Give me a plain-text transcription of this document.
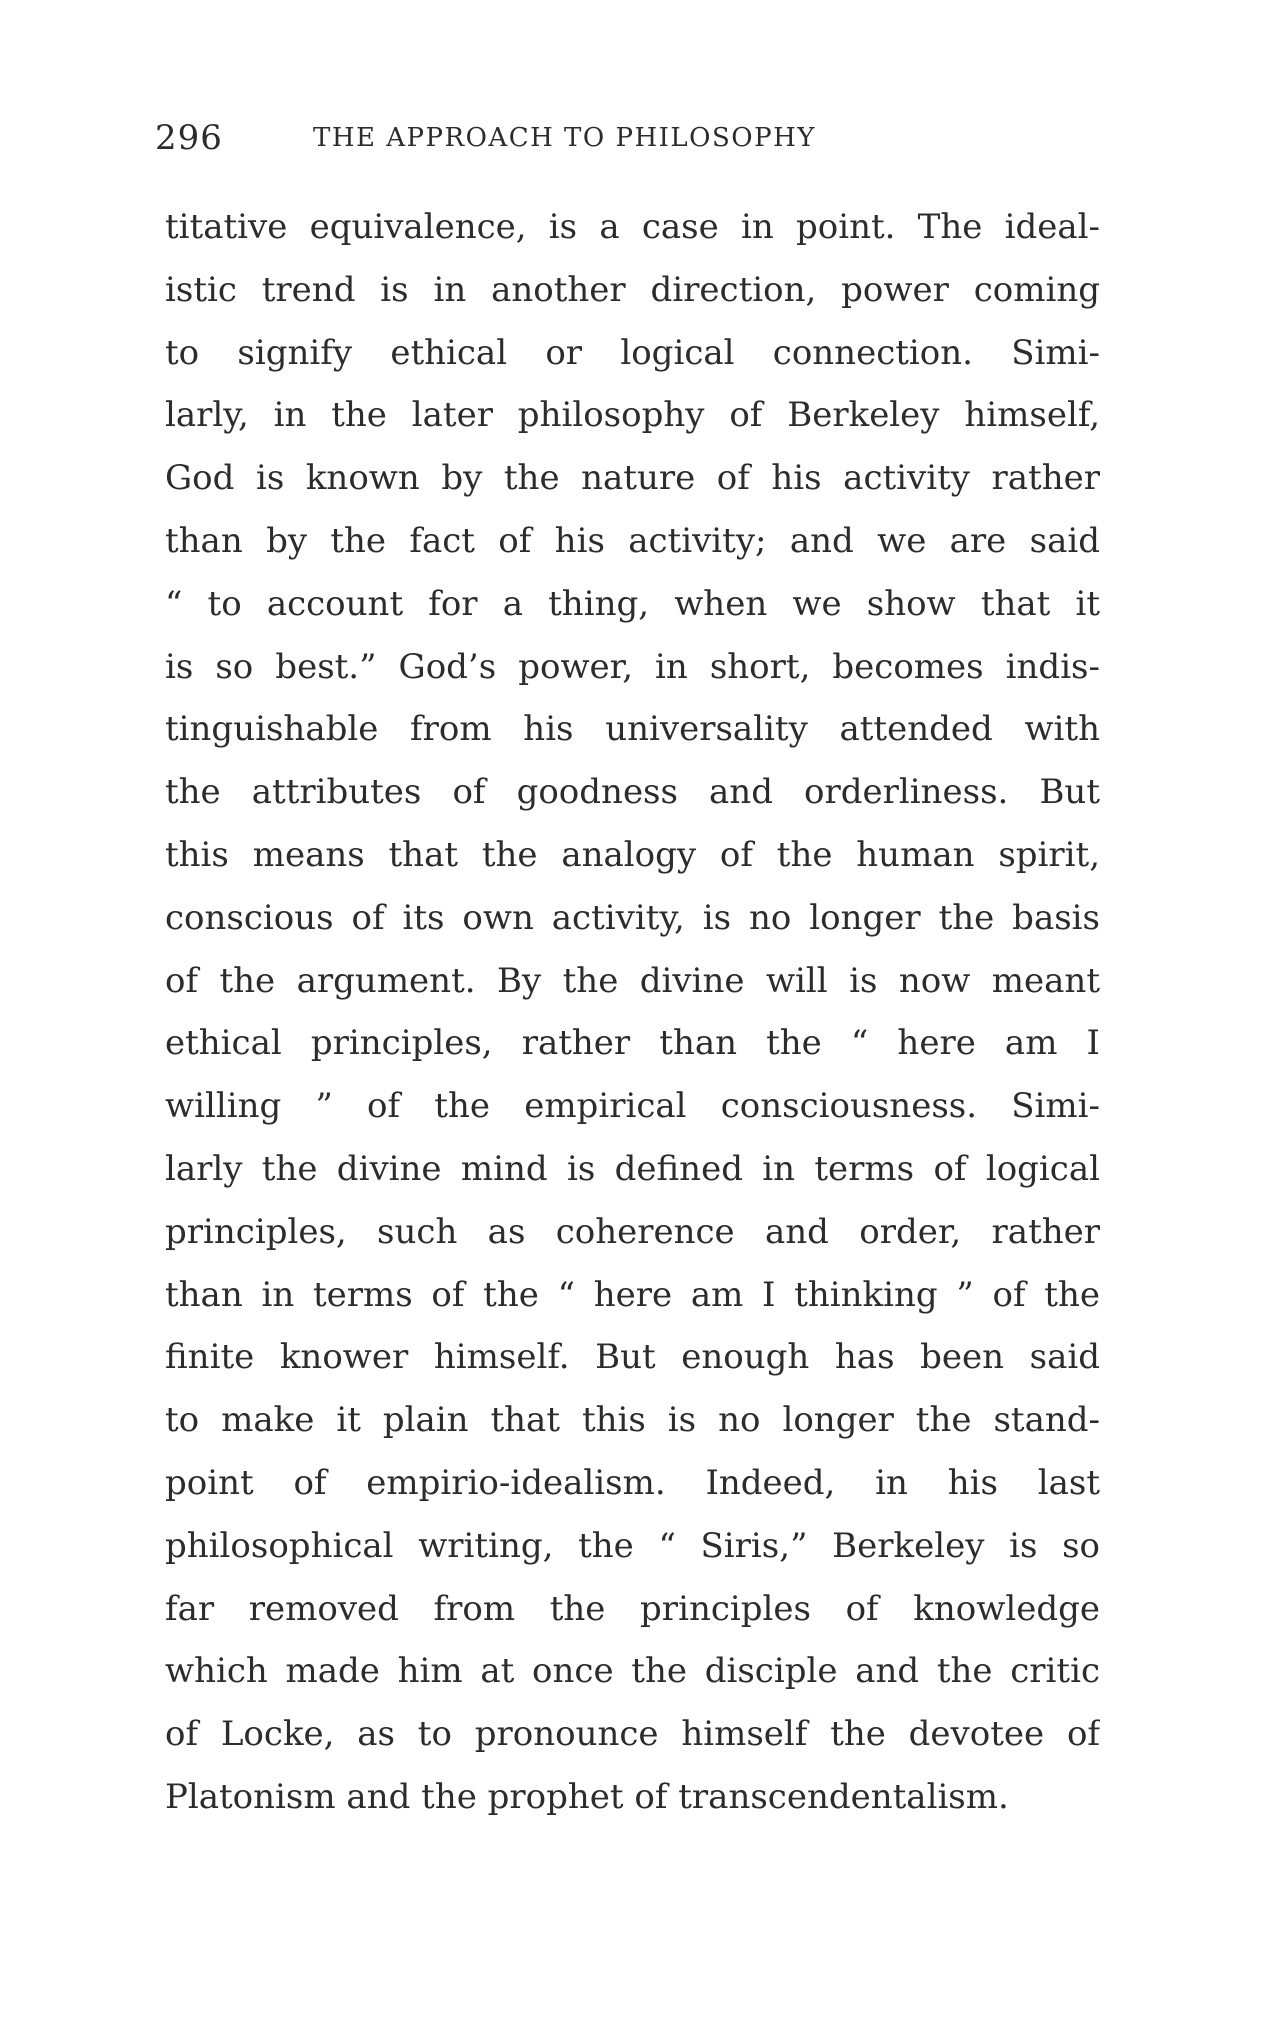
296	THE APPROACH TO PHILOSOPHY
titative equivalence, is a case in point. The ideal-
istic trend is in another direction, power coming
to signify ethical or logical connection. Simi-
larly, in the later philosophy of Berkeley himself,
God is known by the nature of his activity rather
than by the fact of his activity; and we are said
“ to account for a thing, when we show that it
is so best.” God’s power, in short, becomes indis-
tinguishable from his universality attended with
the attributes of goodness and orderliness. But
this means that the analogy of the human spirit,
conscious of its own activity, is no longer the basis
of the argument. By the divine will is now meant
ethical principles, rather than the “ here am I
willing ” of the empirical consciousness. Simi-
larly the divine mind is defined in terms of logical
principles, such as coherence and order, rather
than in terms of the “ here am I thinking ” of the
finite knower himself. But enough has been said
to make it plain that this is no longer the stand-
point of empirio-idealism. Indeed, in his last
philosophical writing, the “ Siris,” Berkeley is so
far removed from the principles of knowledge
which made him at once the disciple and the critic
of Locke, as to pronounce himself the devotee of
Platonism and the prophet of transcendentalism.
